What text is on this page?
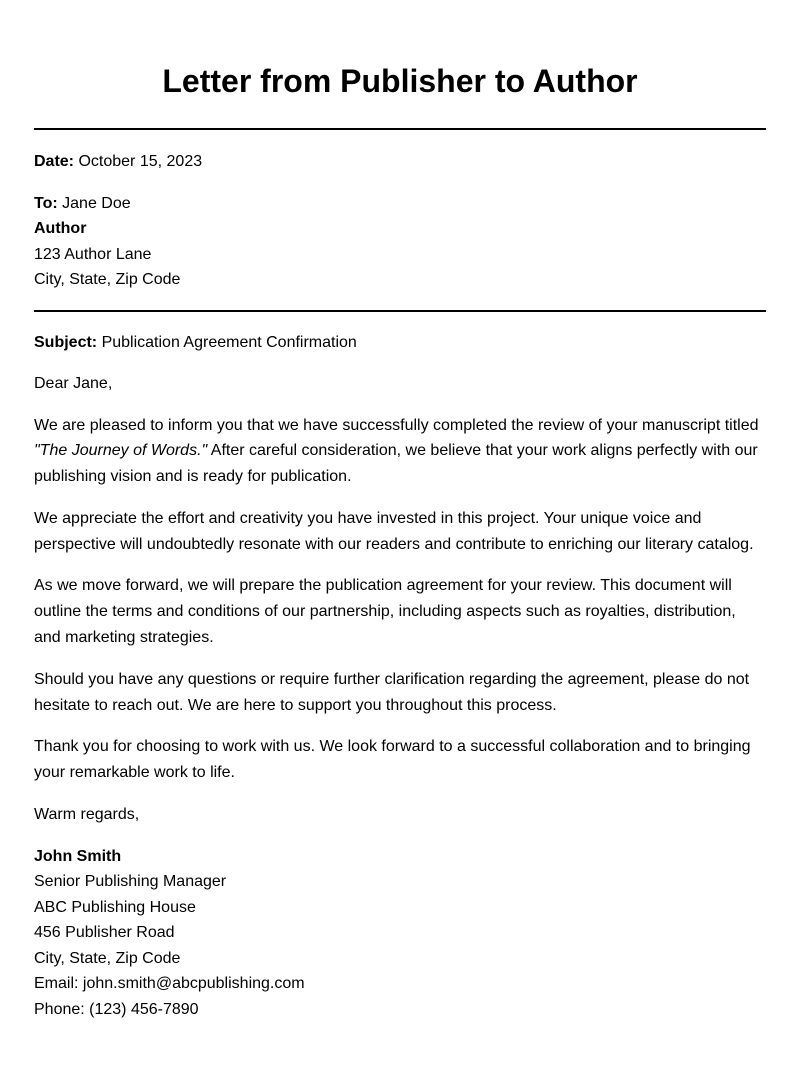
Letter from Publisher to Author

Date: October 15, 2023

To: Jane Doe

Author

123 Author Lane

City, State, Zip Code

Subject: Publication Agreement Confirmation

Dear Jane,

We are pleased to inform you that we have successfully completed the review of your manuscript titled "The Journey of Words." After careful consideration, we believe that your work aligns perfectly with our publishing vision and is ready for publication.

We appreciate the effort and creativity you have invested in this project. Your unique voice and perspective will undoubtedly resonate with our readers and contribute to enriching our literary catalog.

As we move forward, we will prepare the publication agreement for your review. This document will outline the terms and conditions of our partnership, including aspects such as royalties, distribution, and marketing strategies.

Should you have any questions or require further clarification regarding the agreement, please do not hesitate to reach out. We are here to support you throughout this process.

Thank you for choosing to work with us. We look forward to a successful collaboration and to bringing your remarkable work to life.

Warm regards,

John Smith

Senior Publishing Manager

ABC Publishing House

456 Publisher Road

City, State, Zip Code

Email: john.smith@abcpublishing.com

Phone: (123) 456-7890
